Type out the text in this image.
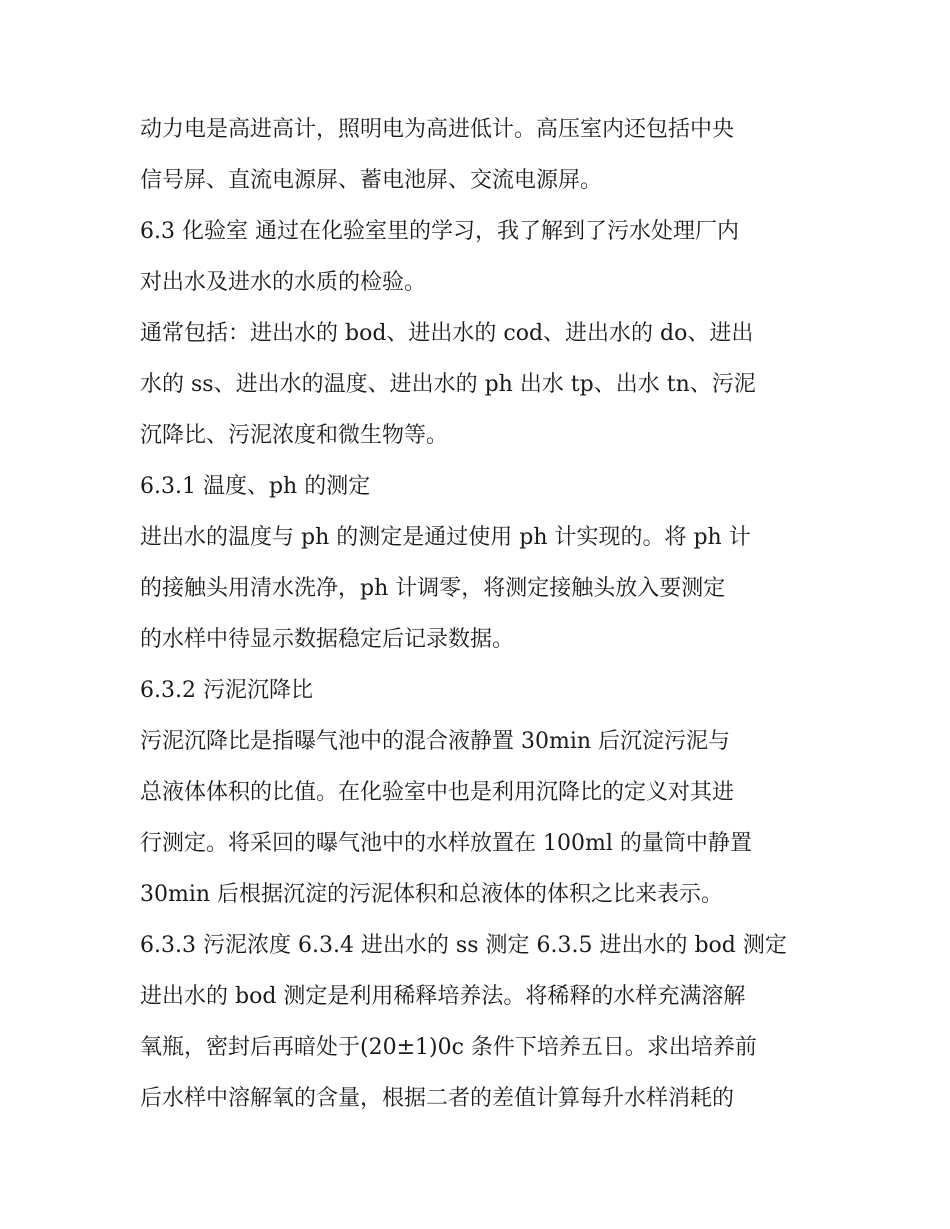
动力电是高进高计，照明电为高进低计。高压室内还包括中央
信号屏、直流电源屏、蓄电池屏、交流电源屏。
6.3 化验室 通过在化验室里的学习，我了解到了污水处理厂内
对出水及进水的水质的检验。
通常包括：进出水的 bod、进出水的 cod、进出水的 do、进出
水的 ss、进出水的温度、进出水的 ph 出水 tp、出水 tn、污泥
沉降比、污泥浓度和微生物等。
6.3.1 温度、ph 的测定
进出水的温度与 ph 的测定是通过使用 ph 计实现的。将 ph 计
的接触头用清水洗净，ph 计调零，将测定接触头放入要测定
的水样中待显示数据稳定后记录数据。
6.3.2 污泥沉降比
污泥沉降比是指曝气池中的混合液静置 30min 后沉淀污泥与
总液体体积的比值。在化验室中也是利用沉降比的定义对其进
行测定。将采回的曝气池中的水样放置在 100ml 的量筒中静置
30min 后根据沉淀的污泥体积和总液体的体积之比来表示。
6.3.3 污泥浓度 6.3.4 进出水的 ss 测定 6.3.5 进出水的 bod 测定
进出水的 bod 测定是利用稀释培养法。将稀释的水样充满溶解
氧瓶，密封后再暗处于(20±1)0c 条件下培养五日。求出培养前
后水样中溶解氧的含量，根据二者的差值计算每升水样消耗的
